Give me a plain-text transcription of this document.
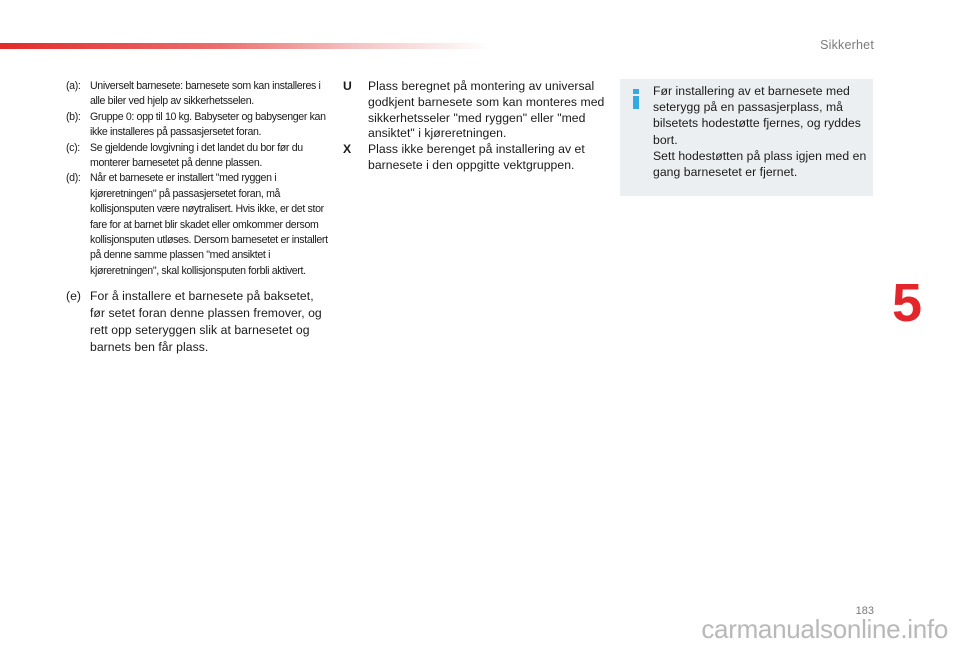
Sikkerhet
(a): Universelt barnesete: barnesete som kan installeres i alle biler ved hjelp av sikkerhetsselen.
(b): Gruppe 0: opp til 10 kg. Babyseter og babysenger kan ikke installeres på passasjersetet foran.
(c): Se gjeldende lovgivning i det landet du bor før du monterer barnesetet på denne plassen.
(d): Når et barnesete er installert "med ryggen i kjøreretningen" på passasjersetet foran, må kollisjonsputen være nøytralisert. Hvis ikke, er det stor fare for at barnet blir skadet eller omkommer dersom kollisjonsputen utløses. Dersom barnesetet er installert på denne samme plassen "med ansiktet i kjøreretningen", skal kollisjonsputen forbli aktivert.
(e) For å installere et barnesete på baksetet, før setet foran denne plassen fremover, og rett opp seteryggen slik at barnesetet og barnets ben får plass.
U	Plass beregnet på montering av universal godkjent barnesete som kan monteres med sikkerhetsseler "med ryggen" eller "med ansiktet" i kjøreretningen.
X	Plass ikke berenget på installering av et barnesete i den oppgitte vektgruppen.
Før installering av et barnesete med seterygg på en passasjerplass, må bilsetets hodestøtte fjernes, og ryddes bort.
Sett hodestøtten på plass igjen med en gang barnesetet er fjernet.
5
183
carmanualsonline.info
